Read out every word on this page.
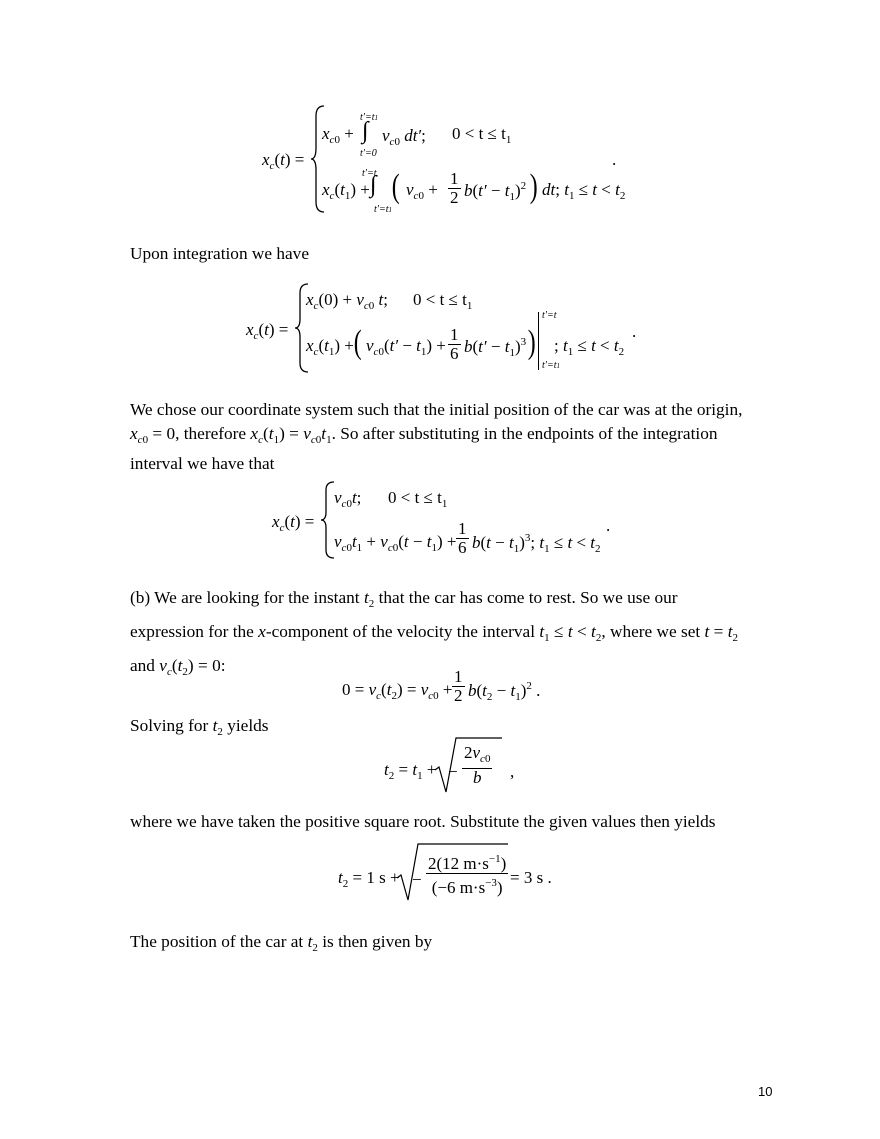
$x_c(t)$ =
t′=t1
$x_{c0}$ + ∫ $v_{c0}$ dt′;
t′=0
$0 < t \le t_1$
t′=t
$x_c(t_1)$ + ∫ ( $v_{c0} + \frac{1}{2} b(t' - t_1)^2$ ) dt; $t_1 \le t < t_2$
t′=t1
.
Upon integration we have
$x_c(t)$ =
$x_c(0) + v_{c0}$ t; $0 < t \le t_1$
$x_c(t_1)$ + ( $v_{c0}(t' - t_1) + \frac{1}{6} b(t' - t_1)^3$ )
t′=t
t′=t1
; $t_1 \le t < t_2$
.
We chose our coordinate system such that the initial position of the car was at the origin,
$x_{c0} = 0$, therefore $x_c(t_1) = v_{c0}t_1$. So after substituting in the endpoints of the integration
interval we have that
$x_c(t)$ =
$v_{c0}t$; $0 < t \le t_1$
$v_{c0}t_1 + v_{c0}(t - t_1) + \frac{1}{6} b(t - t_1)^3$; $t_1 \le t < t_2$
.
(b) We are looking for the instant $t_2$ that the car has come to rest. So we use our
expression for the x-component of the velocity the interval $t_1 \le t < t_2$, where we set $t = t_2$
and $v_c(t_2) = 0$:
$0 = v_c(t_2) = v_{c0} + \frac{1}{2} b(t_2 - t_1)^2$ .
Solving for $t_2$ yields
$t_2 = t_1$ + − $\frac{2v_{c0}}{b}$ ,
where we have taken the positive square root. Substitute the given values then yields
$t_2 = 1$ s + − $\frac{2(12 m\cdot s^{-1})}{(-6 m\cdot s^{-3})} = 3$ s .
The position of the car at $t_2$ is then given by
10
